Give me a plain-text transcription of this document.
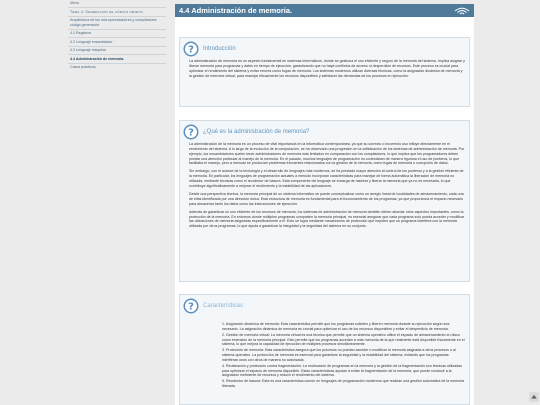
Menú
Tema 4. Generación de código objeto.
Arquitectura de los microprocesadores y compiladores código generación
4.1 Registros
4.2 Lenguaje ensamblador
4.3 Lenguaje máquina
4.4 Administración de memoria.
Casos prácticos
4.4 Administración de memoria.
? Introducción

La administración de memoria es un aspecto fundamental en sistemas informáticos, donde se gestiona el uso eficiente y seguro de la memoria del sistema. Implica asignar y liberar memoria para programas y datos en tiempo de ejecución, garantizando que no haya conflictos de acceso ni desperdicio de recursos. Este proceso es crucial para optimizar el rendimiento del sistema y evitar errores como fugas de memoria. Los sistemas modernos utilizan diversas técnicas, como la asignación dinámica de memoria y la gestión de memoria virtual, para manejar eficazmente los recursos disponibles y satisfacer las demandas de los procesos en ejecución.

? ¿Qué es la administración de memoria?

La administración de la memoria es un proceso de vital importancia en la informática contemporánea, ya que su correcto o incorrecto uso influye directamente en el rendimiento del sistema. A lo largo de la evolución de la computación, se ha observado una progresión en la sofisticación de los sistemas de administración de memoria. Por ejemplo, los ensambladores suelen tener administradores de memoria más limitados en comparación con los compiladores, lo que implica que los programadores deben prestar una atención particular al manejo de la memoria. En el pasado, muchos lenguajes de programación no controlaban de manera rigurosa el uso de punteros, lo que facilitaba el manejo, pero a menudo se producían problemas frecuentes relacionados con la gestión de la memoria, como fugas de memoria o corrupción de datos.

Sin embargo, con el avance de la tecnología y el desarrollo de lenguajes más modernos, se ha prestado mayor atención al control de los punteros y a la gestión eficiente de la memoria. En particular, los lenguajes de programación actuales a menudo incorporan características para manejar de forma automática la liberación de memoria no utilizada, mediante técnicas como el recolector de basura. Esta componente del lenguaje se encarga de rastrear y liberar la memoria que ya no es necesaria, lo que contribuye significativamente a mejorar el rendimiento y la estabilidad de las aplicaciones.

Desde una perspectiva técnica, la memoria principal de un sistema informático se puede conceptualizar como un arreglo lineal de localidades de almacenamiento, cada una de ellas identificada por una dirección única. Esta estructura de memoria es fundamental para el funcionamiento de los programas, ya que proporciona el espacio necesario para almacenar tanto los datos como las instrucciones de ejecución.

Además de garantizar un uso eficiente de los recursos de memoria, los sistemas de administración de memoria también deben abordar otros aspectos importantes, como la protección de la memoria. En entornos donde múltiples programas comparten la memoria principal, es esencial asegurar que cada programa solo pueda acceder y modificar las ubicaciones de memoria asignadas específicamente a él. Esto se logra mediante mecanismos de protección que impiden que un programa interfiera con la memoria utilizada por otros programas, lo que ayuda a garantizar la integridad y la seguridad del sistema en su conjunto.

? Características
1. Asignación dinámica de memoria: Esta característica permite que los programas soliciten y liberen memoria durante su ejecución según sea necesario. La asignación dinámica de memoria es crucial para optimizar el uso de los recursos disponibles y evitar el desperdicio de memoria.
2. Gestión de memoria virtual: La memoria virtual es una técnica que permite que un sistema operativo utilice el espacio de almacenamiento en disco como extensión de la memoria principal. Esto permite que los programas accedan a más memoria de la que realmente está disponible físicamente en el sistema, lo que mejora la capacidad de ejecución de múltiples procesos simultáneamente.
3. Protección de memoria: Esta característica asegura que los procesos no puedan acceder o modificar la memoria asignada a otros procesos o al sistema operativo. La protección de memoria es esencial para garantizar la seguridad y la estabilidad del sistema, evitando que los programas interfieran unos con otros de manera no autorizada.
4. Reubicación y protección contra fragmentación: La reubicación de programas en la memoria y la gestión de la fragmentación son técnicas utilizadas para optimizar el espacio de memoria disponible. Estas características ayudan a evitar la fragmentación de la memoria, que puede conducir a la asignación ineficiente de recursos y reducir el rendimiento del sistema.
5. Recolector de basura: Esta es una característica común en lenguajes de programación modernos que realizan una gestión automática de la memoria liberada.
